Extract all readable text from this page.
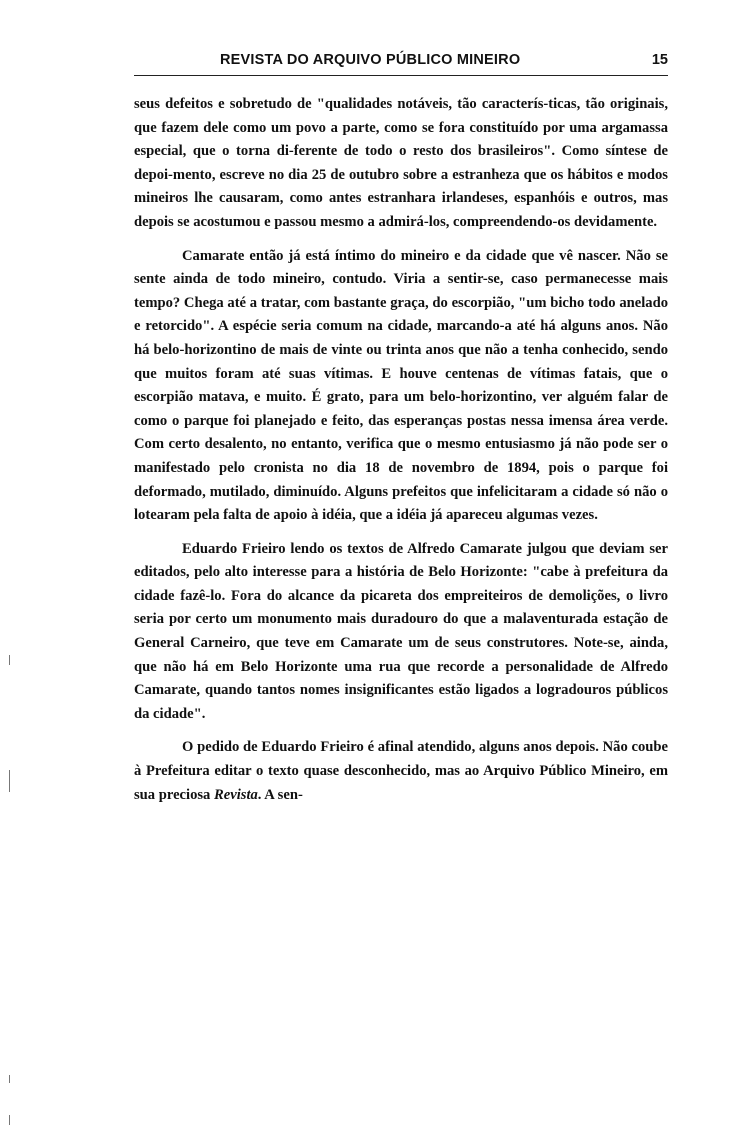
REVISTA DO ARQUIVO PÚBLICO MINEIRO	15

seus defeitos e sobretudo de "qualidades notáveis, tão caracterís-ticas, tão originais, que fazem dele como um povo a parte, como se fora constituído por uma argamassa especial, que o torna di-ferente de todo o resto dos brasileiros". Como síntese de depoi-mento, escreve no dia 25 de outubro sobre a estranheza que os hábitos e modos mineiros lhe causaram, como antes estranhara irlandeses, espanhóis e outros, mas depois se acostumou e passou mesmo a admirá-los, compreendendo-os devidamente.

Camarate então já está íntimo do mineiro e da cidade que vê nascer. Não se sente ainda de todo mineiro, contudo. Viria a sentir-se, caso permanecesse mais tempo? Chega até a tratar, com bastante graça, do escorpião, "um bicho todo anelado e retorcido". A espécie seria comum na cidade, marcando-a até há alguns anos. Não há belo-horizontino de mais de vinte ou trinta anos que não a tenha conhecido, sendo que muitos foram até suas vítimas. E houve centenas de vítimas fatais, que o escorpião matava, e muito. É grato, para um belo-horizontino, ver alguém falar de como o parque foi planejado e feito, das esperanças postas nessa imensa área verde. Com certo desalento, no entanto, verifica que o mesmo entusiasmo já não pode ser o manifestado pelo cronista no dia 18 de novembro de 1894, pois o parque foi deformado, mutilado, diminuído. Alguns prefeitos que infelicitaram a cidade só não o lotearam pela falta de apoio à idéia, que a idéia já apareceu algumas vezes.

Eduardo Frieiro lendo os textos de Alfredo Camarate julgou que deviam ser editados, pelo alto interesse para a história de Belo Horizonte: "cabe à prefeitura da cidade fazê-lo. Fora do alcance da picareta dos empreiteiros de demolições, o livro seria por certo um monumento mais duradouro do que a malaventurada estação de General Carneiro, que teve em Camarate um de seus construtores. Note-se, ainda, que não há em Belo Horizonte uma rua que recorde a personalidade de Alfredo Camarate, quando tantos nomes insignificantes estão ligados a logradouros públicos da cidade".

O pedido de Eduardo Frieiro é afinal atendido, alguns anos depois. Não coube à Prefeitura editar o texto quase desconhecido, mas ao Arquivo Público Mineiro, em sua preciosa Revista. A sen-
